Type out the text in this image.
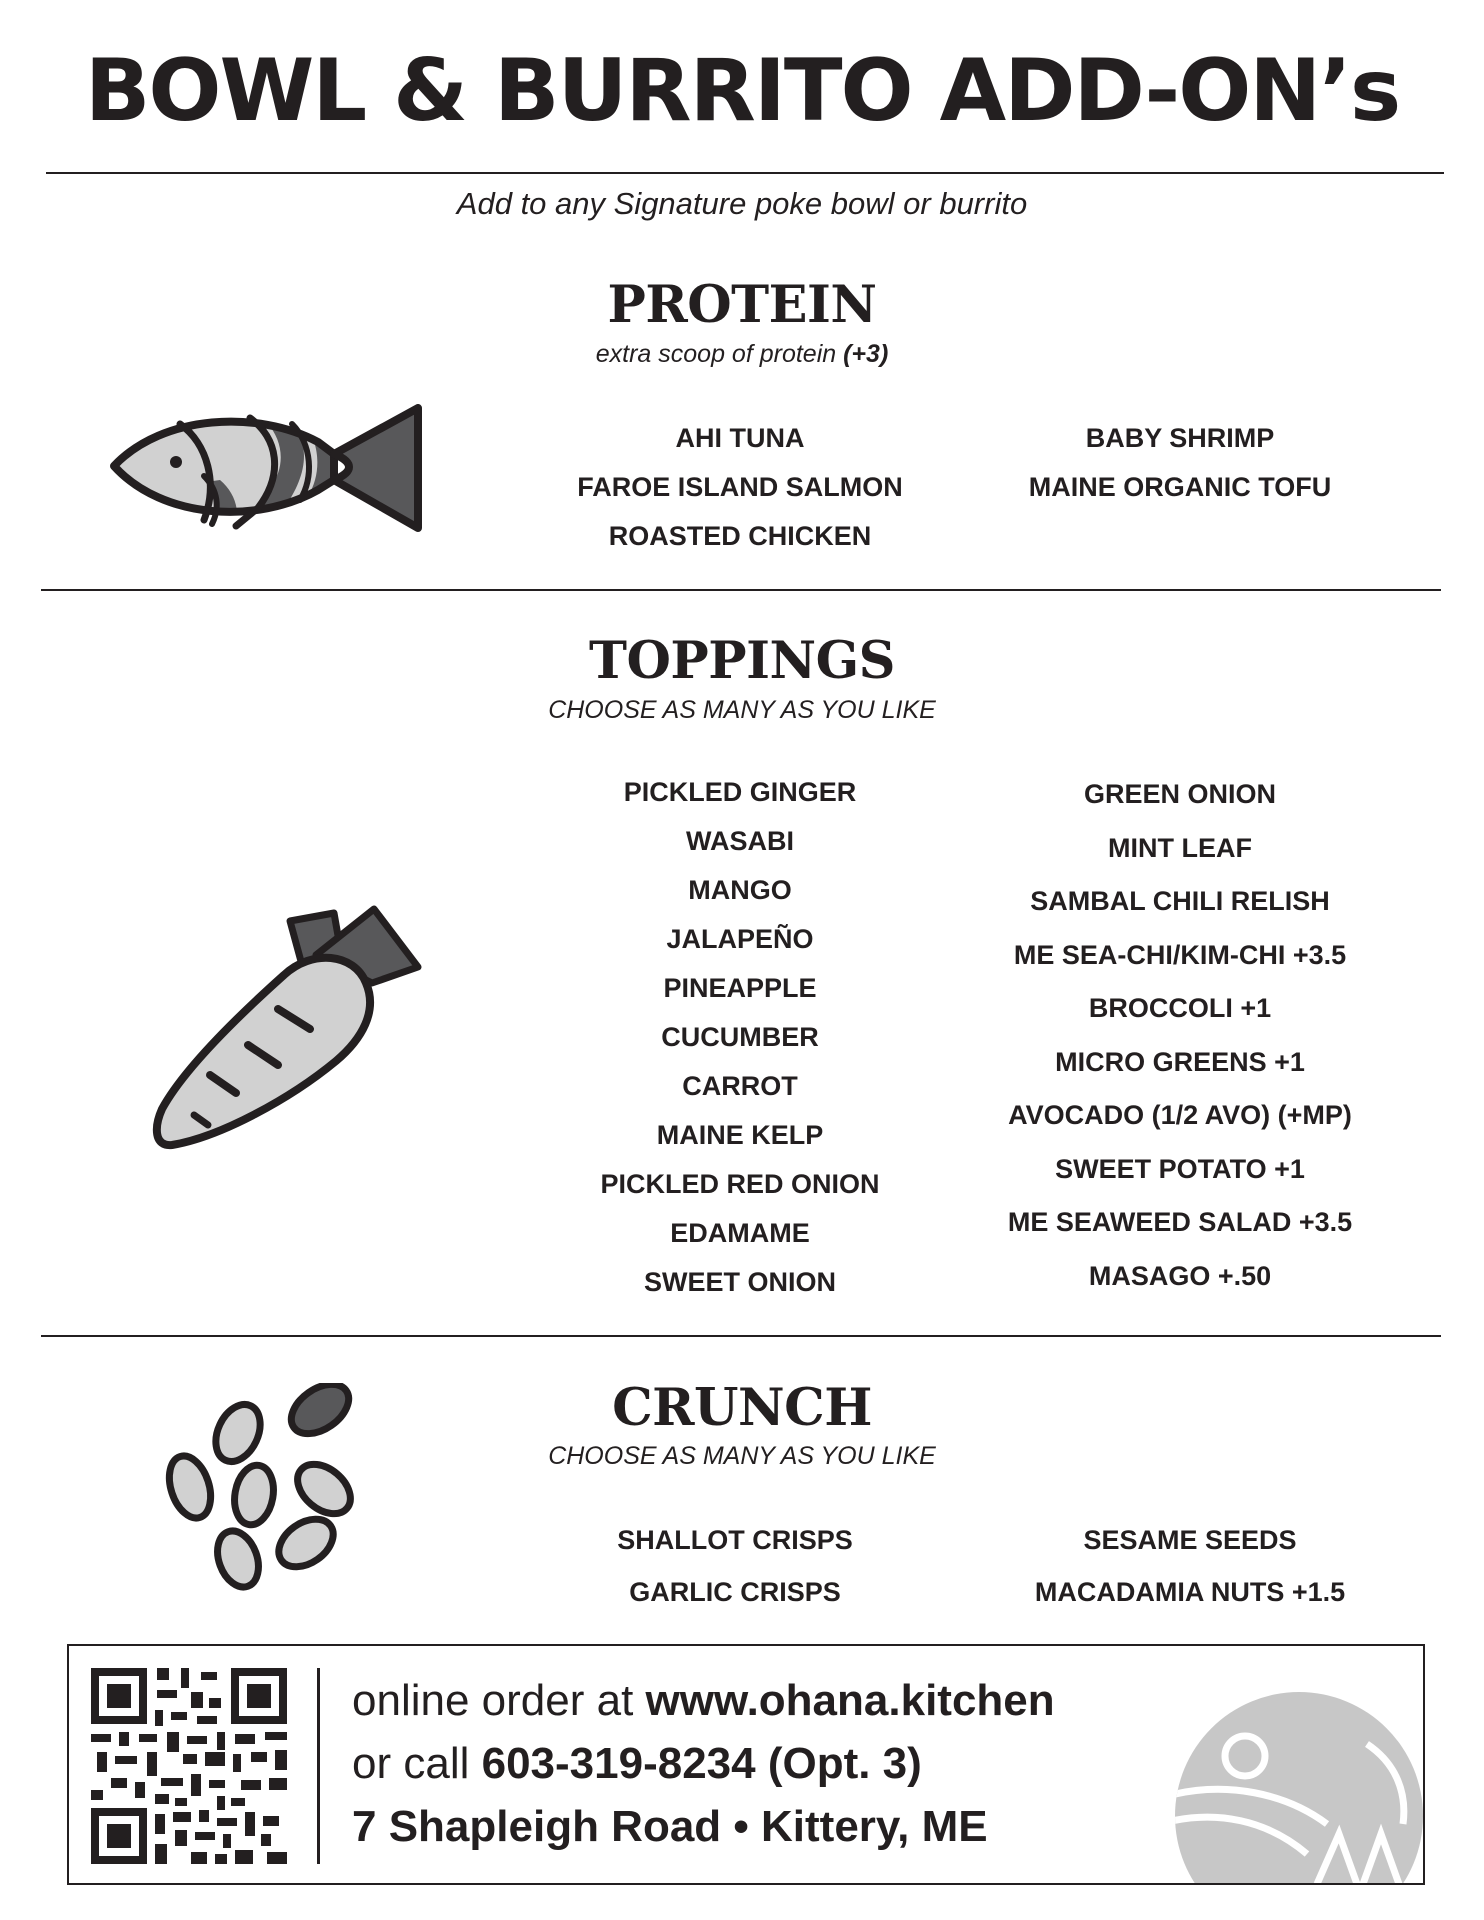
BOWL & BURRITO ADD-ON’s
Add to any Signature poke bowl or burrito
PROTEIN
extra scoop of protein (+3)
AHI TUNA
FAROE ISLAND SALMON
ROASTED CHICKEN
BABY SHRIMP
MAINE ORGANIC TOFU
TOPPINGS
CHOOSE AS MANY AS YOU LIKE
PICKLED GINGER
WASABI
MANGO
JALAPEÑO
PINEAPPLE
CUCUMBER
CARROT
MAINE KELP
PICKLED RED ONION
EDAMAME
SWEET ONION
GREEN ONION
MINT LEAF
SAMBAL CHILI RELISH
ME SEA-CHI/KIM-CHI +3.5
BROCCOLI +1
MICRO GREENS +1
AVOCADO (1/2 AVO) (+MP)
SWEET POTATO +1
ME SEAWEED SALAD +3.5
MASAGO +.50
CRUNCH
CHOOSE AS MANY AS YOU LIKE
SHALLOT CRISPS
GARLIC CRISPS
SESAME SEEDS
MACADAMIA NUTS +1.5
online order at www.ohana.kitchen
or call 603-319-8234 (Opt. 3)
7 Shapleigh Road • Kittery, ME
